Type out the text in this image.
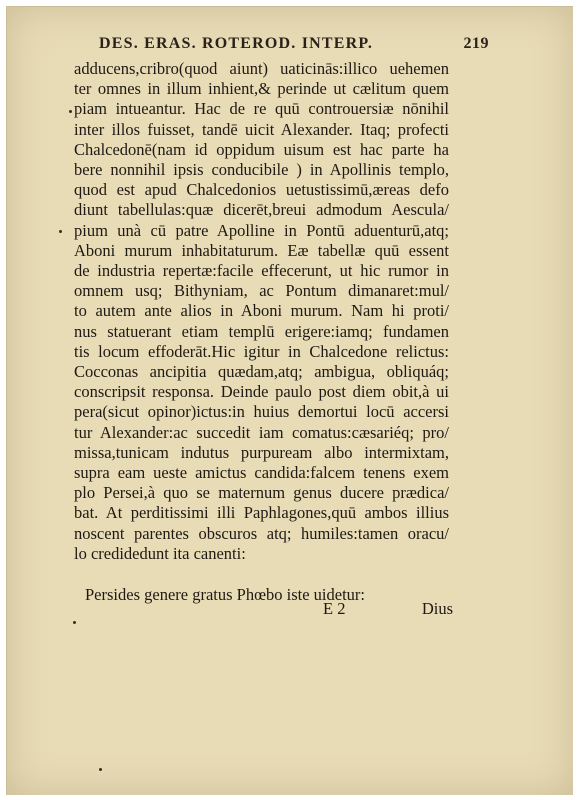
DES. ERAS. ROTEROD. INTERP.	219
adducens,cribro(quod aiunt) uaticinās:illico uehemen
ter omnes in illum inhient,& perinde ut cælitum quem
piam intueantur. Hac de re quū controuersiæ nōnihil
inter illos fuisset, tandē uicit Alexander. Itaq; profecti
Chalcedonē(nam id oppidum uisum est hac parte ha
bere nonnihil ipsis conducibile ) in Apollinis templo,
quod est apud Chalcedonios uetustissimū,æreas defo
diunt tabellulas:quæ dicerēt,breui admodum Aescula/
pium unà cū patre Apolline in Pontū aduenturū,atq;
Aboni murum inhabitaturum. Eæ tabellæ quū essent
de industria repertæ:facile effecerunt, ut hic rumor in
omnem usq; Bithyniam, ac Pontum dimanaret:mul/
to autem ante alios in Aboni murum. Nam hi proti/
nus statuerant etiam templū erigere:iamq; fundamen
tis locum effoderāt.Hic igitur in Chalcedone relictus:
Cocconas ancipitia quædam,atq; ambigua, obliquáq;
conscripsit responsa. Deinde paulo post diem obit,à ui
pera(sicut opinor)ictus:in huius demortui locū accersi
tur Alexander:ac succedit iam comatus:cæsariéq; pro/
missa,tunicam indutus purpuream albo intermixtam,
supra eam ueste amictus candida:falcem tenens exem
plo Persei,à quo se maternum genus ducere prædica/
bat. At perditissimi illi Paphlagones,quū ambos illius
noscent parentes obscuros atq; humiles:tamen oracu/
lo credidedunt ita canenti:
Persides genere gratus Phœbo iste uidetur:
E 2	Dius
